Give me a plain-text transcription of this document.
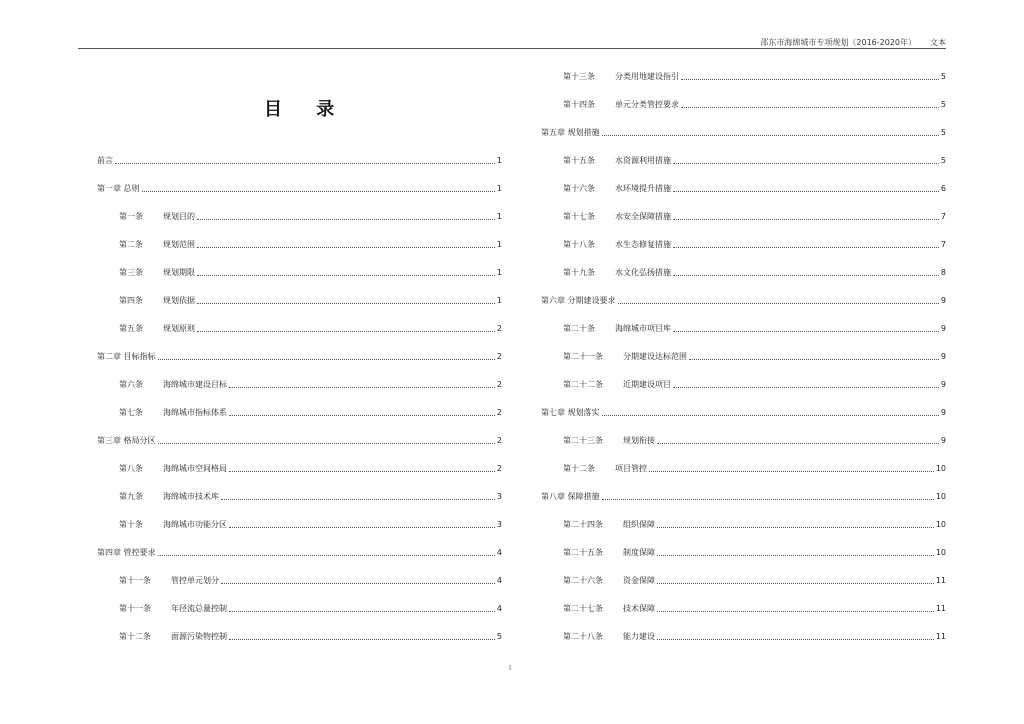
邵东市海绵城市专项规划（2016-2020年） 文本
目 录
前言	1
第一章 总则	1
第一条	规划目的	1
第二条	规划范围	1
第三条	规划期限	1
第四条	规划依据	1
第五条	规划原则	2
第二章 目标指标	2
第六条	海绵城市建设目标	2
第七条	海绵城市指标体系	2
第三章 格局分区	2
第八条	海绵城市空间格局	2
第九条	海绵城市技术库	3
第十条	海绵城市功能分区	3
第四章 管控要求	4
第十一条	管控单元划分	4
第十一条	年径流总量控制	4
第十二条	面源污染物控制	5
第十三条	分类用地建设指引	5
第十四条	单元分类管控要求	5
第五章 规划措施	5
第十五条	水资源利用措施	5
第十六条	水环境提升措施	6
第十七条	水安全保障措施	7
第十八条	水生态修复措施	7
第十九条	水文化弘扬措施	8
第六章 分期建设要求	9
第二十条	海绵城市项目库	9
第二十一条	分期建设达标范围	9
第二十二条	近期建设项目	9
第七章 规划落实	9
第二十三条	规划衔接	9
第十二条	项目管控	10
第八章 保障措施	10
第二十四条	组织保障	10
第二十五条	制度保障	10
第二十六条	资金保障	11
第二十七条	技术保障	11
第二十八条	能力建设	11
I
